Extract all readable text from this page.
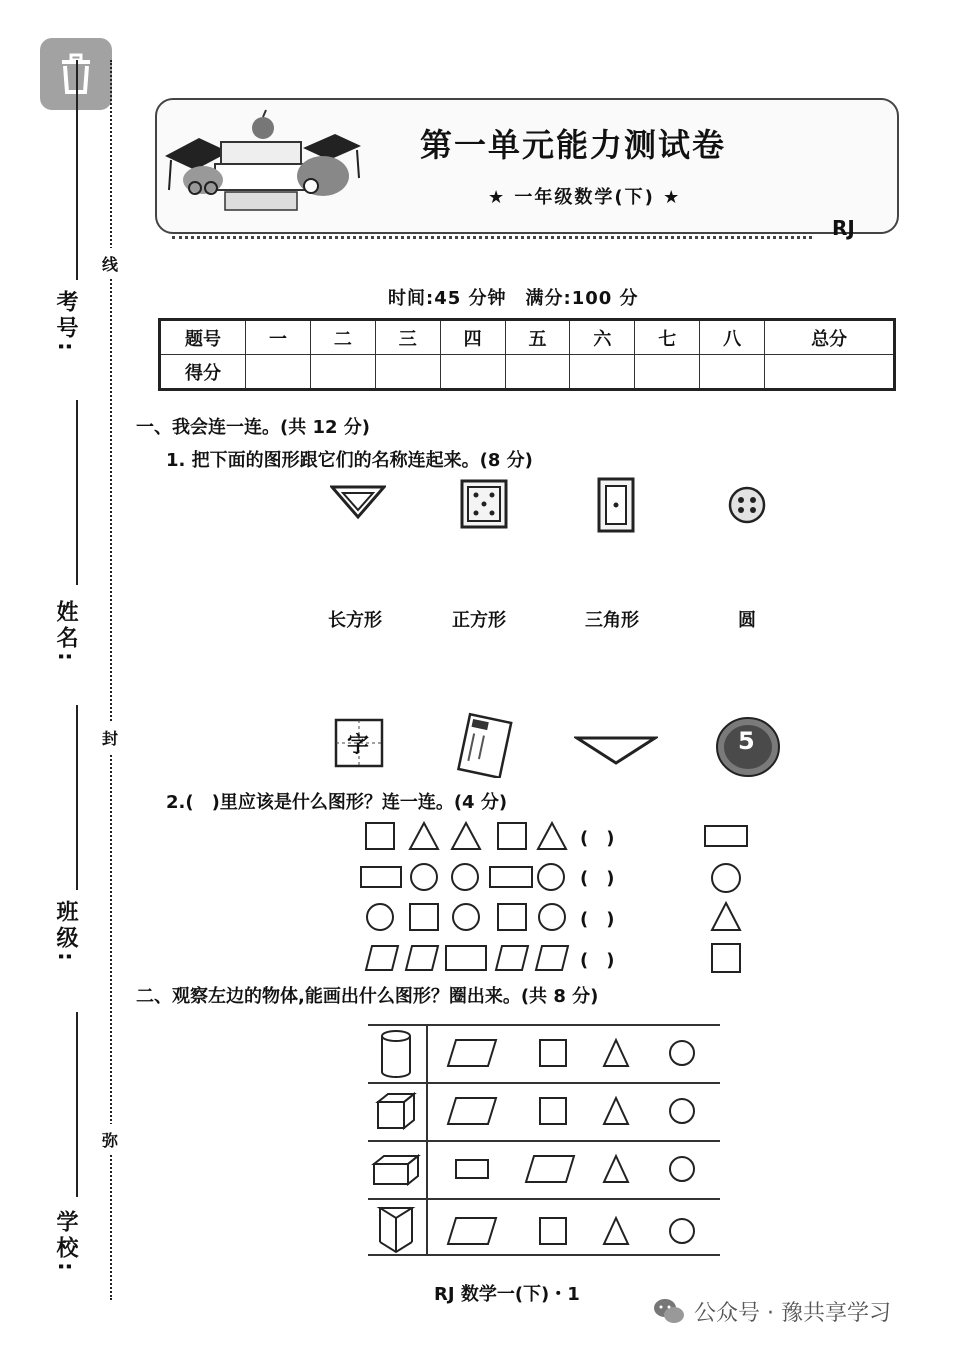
考号:
姓名:
班级:
学校:
线
封
弥
第一单元能力测试卷
★ 一年级数学(下) ★
RJ
时间:45 分钟　满分:100 分
题号	一	二	三	四	五	六	七	八	总分
得分									
一、我会连一连。(共 12 分)
1. 把下面的图形跟它们的名称连起来。(8 分)
长方形	正方形	三角形	圆
字	5
2.(　)里应该是什么图形？连一连。(4 分)
(　)
(　)
(　)
(　)
二、观察左边的物体,能画出什么图形？圈出来。(共 8 分)
RJ 数学一(下)・1
公众号 · 豫共享学习
